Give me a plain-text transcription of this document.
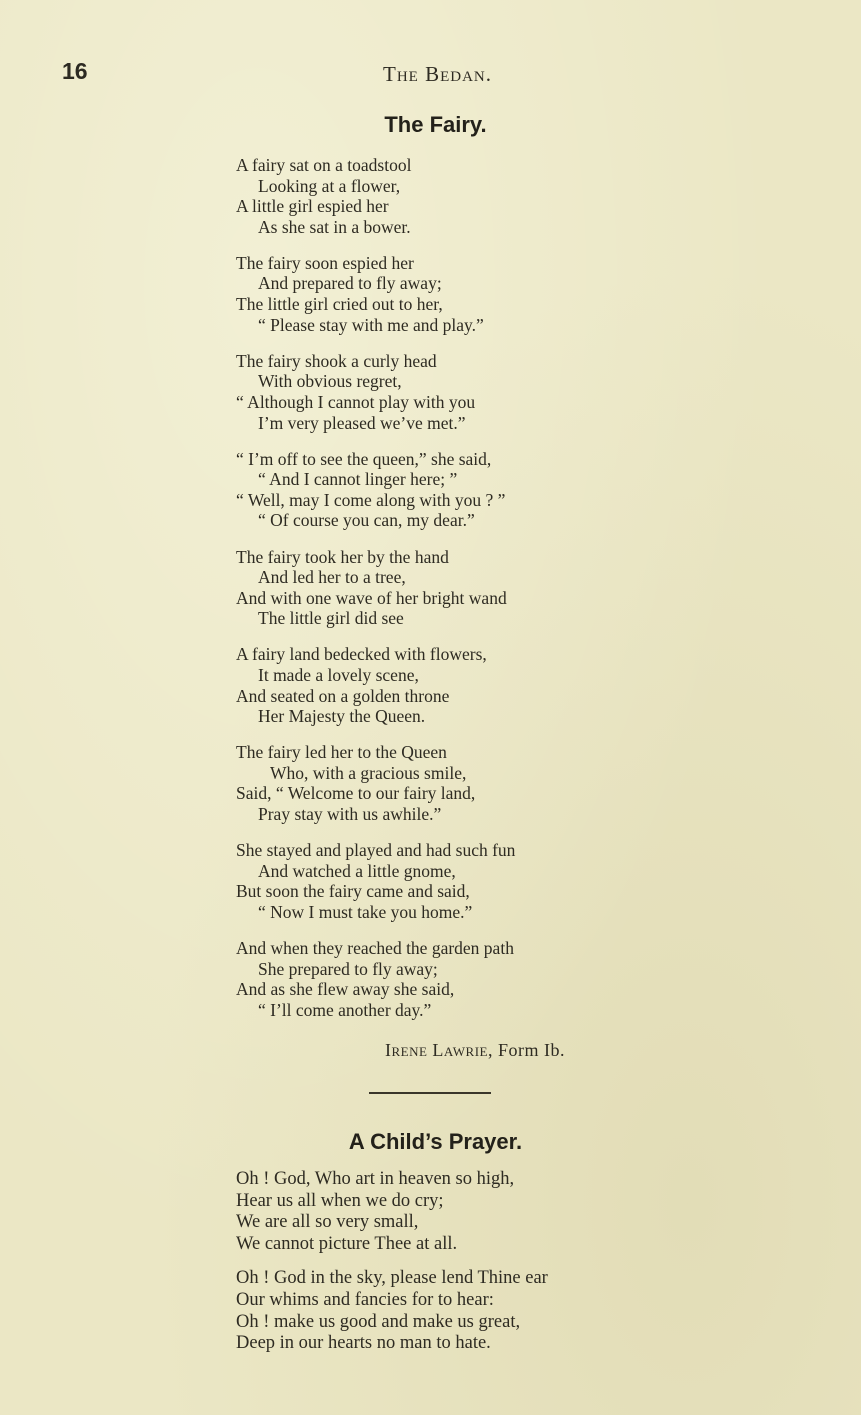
16	The Bedan.
The Fairy.
A fairy sat on a toadstool
Looking at a flower,
A little girl espied her
As she sat in a bower.
The fairy soon espied her
And prepared to fly away;
The little girl cried out to her,
“ Please stay with me and play.”
The fairy shook a curly head
With obvious regret,
“ Although I cannot play with you
I’m very pleased we’ve met.”
“ I’m off to see the queen,” she said,
“ And I cannot linger here; ”
“ Well, may I come along with you ? ”
“ Of course you can, my dear.”
The fairy took her by the hand
And led her to a tree,
And with one wave of her bright wand
The little girl did see
A fairy land bedecked with flowers,
It made a lovely scene,
And seated on a golden throne
Her Majesty the Queen.
The fairy led her to the Queen
Who, with a gracious smile,
Said, “ Welcome to our fairy land,
Pray stay with us awhile.”
She stayed and played and had such fun
And watched a little gnome,
But soon the fairy came and said,
“ Now I must take you home.”
And when they reached the garden path
She prepared to fly away;
And as she flew away she said,
“ I’ll come another day.”
Irene Lawrie, Form Ib.
A Child’s Prayer.
Oh ! God, Who art in heaven so high,
Hear us all when we do cry;
We are all so very small,
We cannot picture Thee at all.
Oh ! God in the sky, please lend Thine ear
Our whims and fancies for to hear:
Oh ! make us good and make us great,
Deep in our hearts no man to hate.
